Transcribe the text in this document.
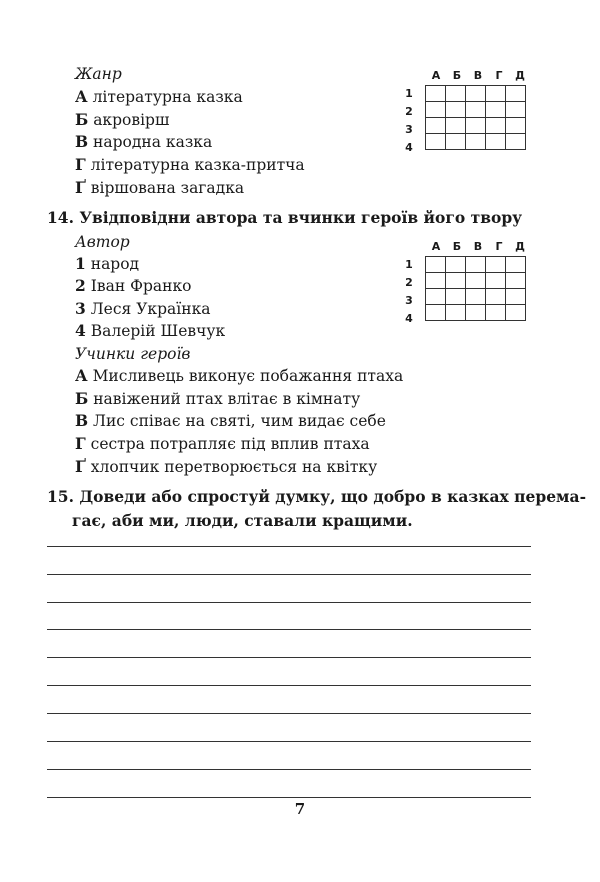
Жанр
А літературна казка
Б акровірш
В народна казка
Г літературна казка-притча
Ґ віршована загадка
А	Б	В	Г	Д
1
2
3
4

14. Увідповідни автора та вчинки героїв його твору
Автор
1 народ
2 Іван Франко
3 Леся Українка
4 Валерій Шевчук
Учинки героїв
А Мисливець виконує побажання птаха
Б навіжений птах влітає в кімнату
В Лис співає на святі, чим видає себе
Г сестра потрапляє під вплив птаха
Ґ хлопчик перетворюється на квітку
А	Б	В	Г	Д
1
2
3
4

15. Доведи або спростуй думку, що добро в казках перема-
гає, аби ми, люди, ставали кращими.
7
